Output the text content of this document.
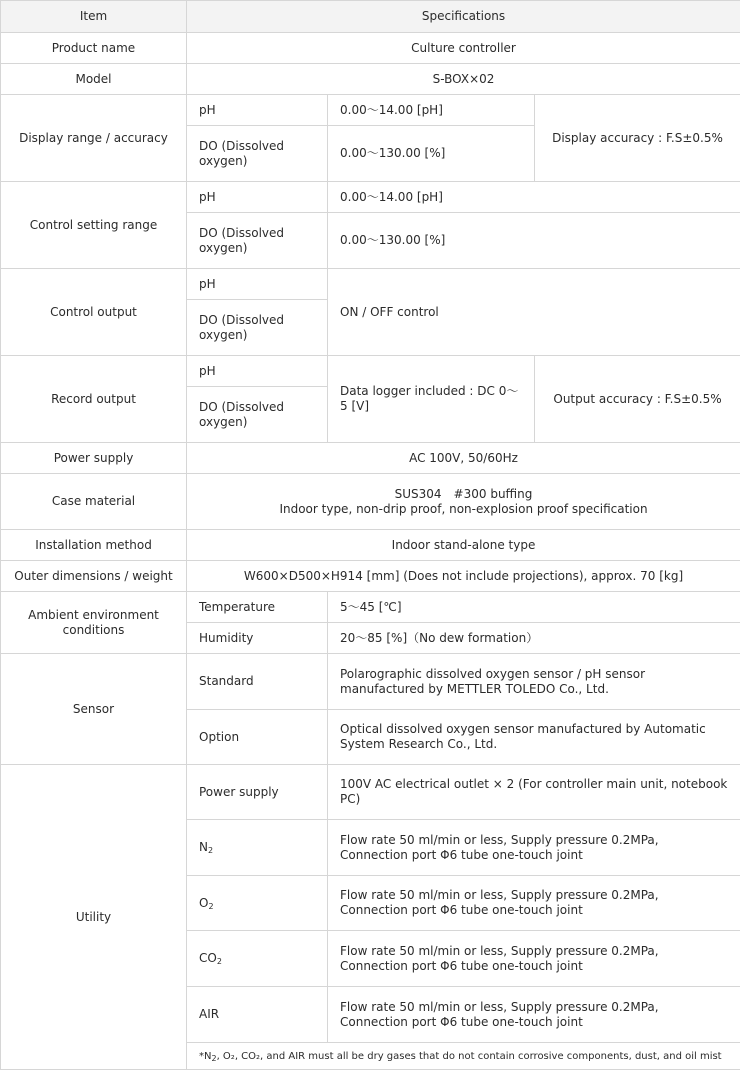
Item	Specifications		
Product name	Culture controller		
Model	S-BOX×02		
Display range / accuracy	pH	0.00～14.00 [pH]	Display accuracy : F.S±0.5%
	DO (Dissolved oxygen)	0.00～130.00 [%]	
Control setting range	pH	0.00～14.00 [pH]	
	DO (Dissolved oxygen)	0.00～130.00 [%]	
Control output	pH	ON / OFF control	
	DO (Dissolved oxygen)		
Record output	pH	Data logger included : DC 0～5 [V]	Output accuracy : F.S±0.5%
	DO (Dissolved oxygen)		
Power supply	AC 100V, 50/60Hz		
Case material	SUS304　#300 buffing
Indoor type, non-drip proof, non-explosion proof specification		

Installation method	Indoor stand-alone type		
Outer dimensions / weight	W600×D500×H914 [mm] (Does not include projections), approx. 70 [kg]		
Ambient environment conditions	Temperature	5～45 [℃]	
	Humidity	20～85 [%]（No dew formation）	
Sensor	Standard	Polarographic dissolved oxygen sensor / pH sensor manufactured by METTLER TOLEDO Co., Ltd.	
	Option	Optical dissolved oxygen sensor manufactured by Automatic System Research Co., Ltd.	
Utility	Power supply	100V AC electrical outlet × 2 (For controller main unit, notebook PC)	
	$N_2$	Flow rate 50 ml/min or less, Supply pressure 0.2MPa, Connection port Φ6 tube one-touch joint	
	$O_2$	Flow rate 50 ml/min or less, Supply pressure 0.2MPa, Connection port Φ6 tube one-touch joint	
	$CO_2$	Flow rate 50 ml/min or less, Supply pressure 0.2MPa, Connection port Φ6 tube one-touch joint	
	AIR	Flow rate 50 ml/min or less, Supply pressure 0.2MPa, Connection port Φ6 tube one-touch joint	
	$*N_2$, O₂, CO₂, and AIR must all be dry gases that do not contain corrosive components, dust, and oil mist		
